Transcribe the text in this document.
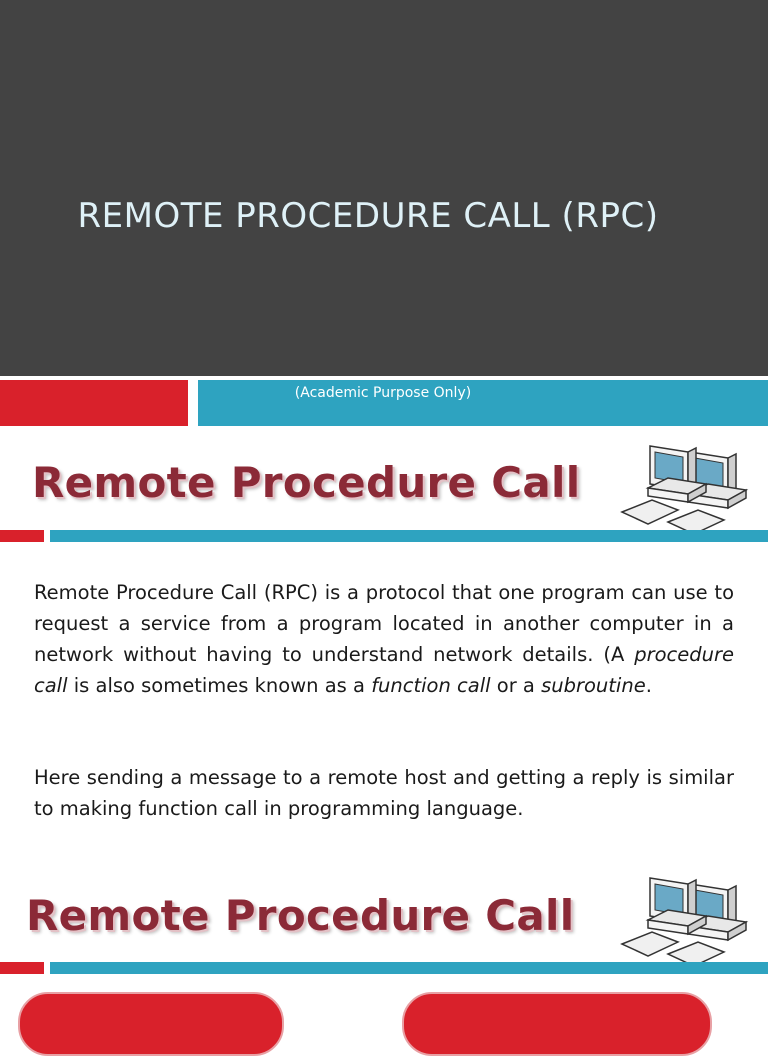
REMOTE PROCEDURE CALL (RPC)
(Academic Purpose Only)
Remote Procedure Call
Remote Procedure Call (RPC) is a protocol that one program can use to request a service from a program located in another computer in a network without having to understand network details. (A procedure call is also sometimes known as a function call or a subroutine.
Here sending a message to a remote host and getting a reply is similar to making function call in programming language.
Remote Procedure Call
